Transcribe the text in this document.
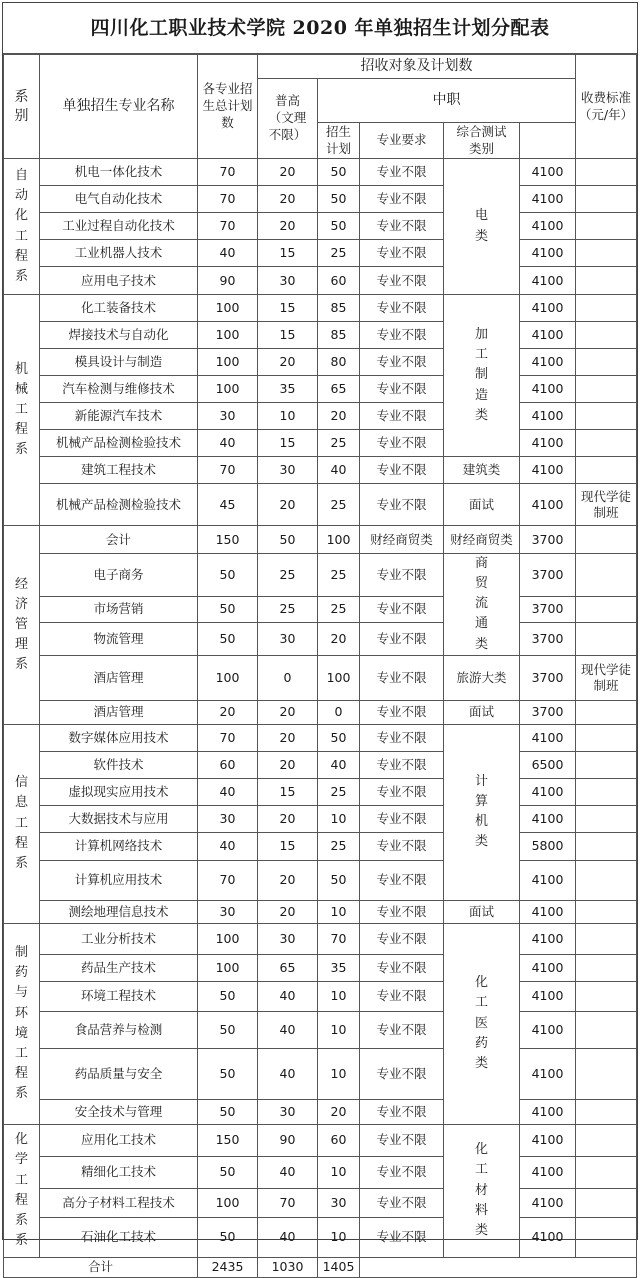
四川化工职业技术学院 2020 年单独招生计划分配表
系别	单独招生专业名称	各专业招生总计划数	招收对象及计划数					收费标准（元/年）	
			普高（文理不限）	中职					
				招生计划	专业要求	综合测试类别			
自动化工程系	机电一体化技术	70	20	50	专业不限	电类	4100		
	电气自动化技术	70	20	50	专业不限		4100		
	工业过程自动化技术	70	20	50	专业不限		4100		
	工业机器人技术	40	15	25	专业不限		4100		
	应用电子技术	90	30	60	专业不限		4100		
机械工程系	化工装备技术	100	15	85	专业不限	加工制造类	4100		
	焊接技术与自动化	100	15	85	专业不限		4100		
	模具设计与制造	100	20	80	专业不限		4100		
	汽车检测与维修技术	100	35	65	专业不限		4100		
	新能源汽车技术	30	10	20	专业不限		4100		
	机械产品检测检验技术	40	15	25	专业不限		4100		
	建筑工程技术	70	30	40	专业不限	建筑类	4100		
	机械产品检测检验技术	45	20	25	专业不限	面试	4100	现代学徒制班	
经济管理系	会计	150	50	100	财经商贸类	财经商贸类	3700		
	电子商务	50	25	25	专业不限	商贸流通类	3700		
	市场营销	50	25	25	专业不限		3700		
	物流管理	50	30	20	专业不限		3700		
	酒店管理	100	0	100	专业不限	旅游大类	3700	现代学徒制班	
	酒店管理	20	20	0	专业不限	面试	3700		
信息工程系	数字媒体应用技术	70	20	50	专业不限	计算机类	4100		
	软件技术	60	20	40	专业不限		6500		
	虚拟现实应用技术	40	15	25	专业不限		4100		
	大数据技术与应用	30	20	10	专业不限		4100		
	计算机网络技术	40	15	25	专业不限		5800		
	计算机应用技术	70	20	50	专业不限		4100		
	测绘地理信息技术	30	20	10	专业不限	面试	4100		
制药与环境工程系	工业分析技术	100	30	70	专业不限	化工医药类	4100		
	药品生产技术	100	65	35	专业不限		4100		
	环境工程技术	50	40	10	专业不限		4100		
	食品营养与检测	50	40	10	专业不限		4100		
	药品质量与安全	50	40	10	专业不限		4100		
	安全技术与管理	50	30	20	专业不限		4100		
化学工程系系	应用化工技术	150	90	60	专业不限	化工材料类	4100		
	精细化工技术	50	40	10	专业不限		4100		
	高分子材料工程技术	100	70	30	专业不限		4100		
	石油化工技术	50	40	10	专业不限		4100		
合计		2435	1030	1405					
